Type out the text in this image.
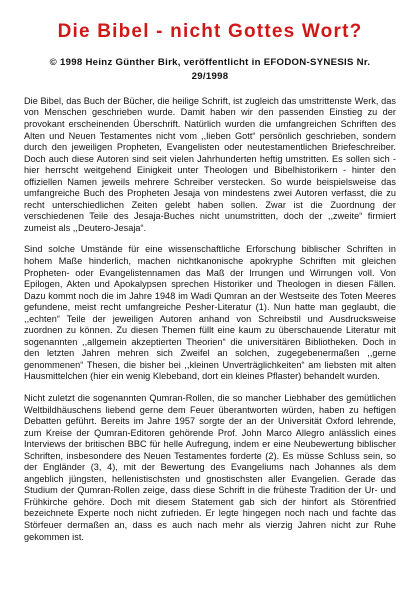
Die Bibel - nicht Gottes Wort?
© 1998 Heinz Günther Birk, veröffentlicht in EFODON-SYNESIS Nr.
29/1998

Die Bibel, das Buch der Bücher, die heilige Schrift, ist zugleich das umstrittenste Werk, das von Menschen geschrieben wurde. Damit haben wir den passenden Einstieg zu der provokant erscheinenden Überschrift. Natürlich wurden die umfangreichen Schriften des Alten und Neuen Testamentes nicht vom ,,lieben Gott“ persönlich geschrieben, sondern durch den jeweiligen Propheten, Evangelisten oder neutestamentlichen Briefeschreiber. Doch auch diese Autoren sind seit vielen Jahrhunderten heftig umstritten. Es sollen sich - hier herrscht weitgehend Einigkeit unter Theologen und Bibelhistorikern - hinter den offiziellen Namen jeweils mehrere Schreiber verstecken. So wurde beispielsweise das umfangreiche Buch des Propheten Jesaja von mindestens zwei Autoren verfasst, die zu recht unterschiedlichen Zeiten gelebt haben sollen. Zwar ist die Zuordnung der verschiedenen Teile des Jesaja-Buches nicht unumstritten, doch der ,,zweite“ firmiert zumeist als ,,Deutero-Jesaja“.

Sind solche Umstände für eine wissenschaftliche Erforschung biblischer Schriften in hohem Maße hinderlich, machen nichtkanonische apokryphe Schriften mit gleichen Propheten- oder Evangelistennamen das Maß der Irrungen und Wirrungen voll. Von Epilogen, Akten und Apokalypsen sprechen Historiker und Theologen in diesen Fällen. Dazu kommt noch die im Jahre 1948 im Wadi Qumran an der Westseite des Toten Meeres gefundene, meist recht umfangreiche Pesher-Literatur (1). Nun hatte man geglaubt, die ,,echten“ Teile der jeweiligen Autoren anhand von Schreibstil und Ausdrucksweise zuordnen zu können. Zu diesen Themen füllt eine kaum zu überschauende Literatur mit sogenannten ,,allgemein akzeptierten Theorien“ die universitären Bibliotheken. Doch in den letzten Jahren mehren sich Zweifel an solchen, zugegebenermaßen ,,gerne genommenen“ Thesen, die bisher bei ,,kleinen Unverträglichkeiten“ am liebsten mit alten Hausmittelchen (hier ein wenig Klebeband, dort ein kleines Pflaster) behandelt wurden.

Nicht zuletzt die sogenannten Qumran-Rollen, die so mancher Liebhaber des gemütlichen Weltbildhäuschens liebend gerne dem Feuer überantworten würden, haben zu heftigen Debatten geführt. Bereits im Jahre 1957 sorgte der an der Universität Oxford lehrende, zum Kreise der Qumran-Editoren gehörende Prof. John Marco Allegro anlässlich eines Interviews der britischen BBC für helle Aufregung, indem er eine Neubewertung biblischer Schriften, insbesondere des Neuen Testamentes forderte (2). Es müsse Schluss sein, so der Engländer (3, 4), mit der Bewertung des Evangeliums nach Johannes als dem angeblich jüngsten, hellenistischsten und gnostischsten aller Evangelien. Gerade das Studium der Qumran-Rollen zeige, dass diese Schrift in die früheste Tradition der Ur- und Frühkirche gehöre. Doch mit diesem Statement gab sich der hinfort als Störenfried bezeichnete Experte noch nicht zufrieden. Er legte hingegen noch nach und fachte das Störfeuer dermaßen an, dass es auch nach mehr als vierzig Jahren nicht zur Ruhe gekommen ist.
